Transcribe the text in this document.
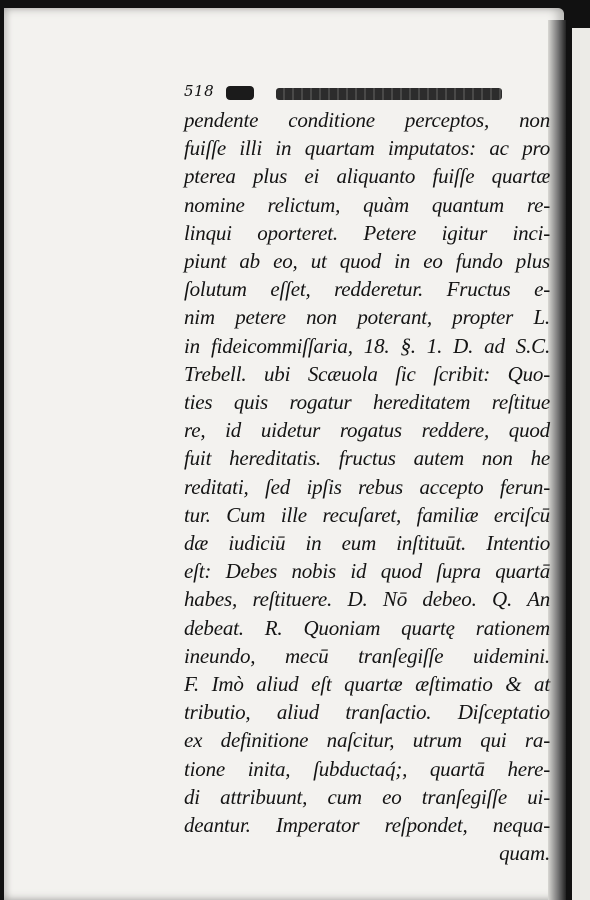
518
pendente conditione perceptos, non
fuiſſe illi in quartam imputatos: ac pro
pterea plus ei aliquanto fuiſſe quartæ
nomine relictum, quàm quantum re-
linqui oporteret. Petere igitur inci-
piunt ab eo, ut quod in eo fundo plus
ſolutum eſſet, redderetur. Fructus e-
nim petere non poterant, propter L.
in fideicommiſſaria, 18. §. 1. D. ad S.C.
Trebell. ubi Scæuola ſic ſcribit: Quo-
ties quis rogatur hereditatem reſtitue
re, id uidetur rogatus reddere, quod
fuit hereditatis. fructus autem non he
reditati, ſed ipſis rebus accepto ferun-
tur. Cum ille recuſaret, familiæ erciſcū
dæ iudiciū in eum inſtituūt. Intentio
eſt: Debes nobis id quod ſupra quartā
habes, reſtituere. D. Nō debeo. Q. An
debeat. R. Quoniam quartę rationem
ineundo, mecū tranſegiſſe uidemini.
F. Imò aliud eſt quartæ æſtimatio & at
tributio, aliud tranſactio. Diſceptatio
ex definitione naſcitur, utrum qui ra-
tione inita, ſubductaq́;, quartā here-
di attribuunt, cum eo tranſegiſſe ui-
deantur. Imperator reſpondet, nequa-
quam.
